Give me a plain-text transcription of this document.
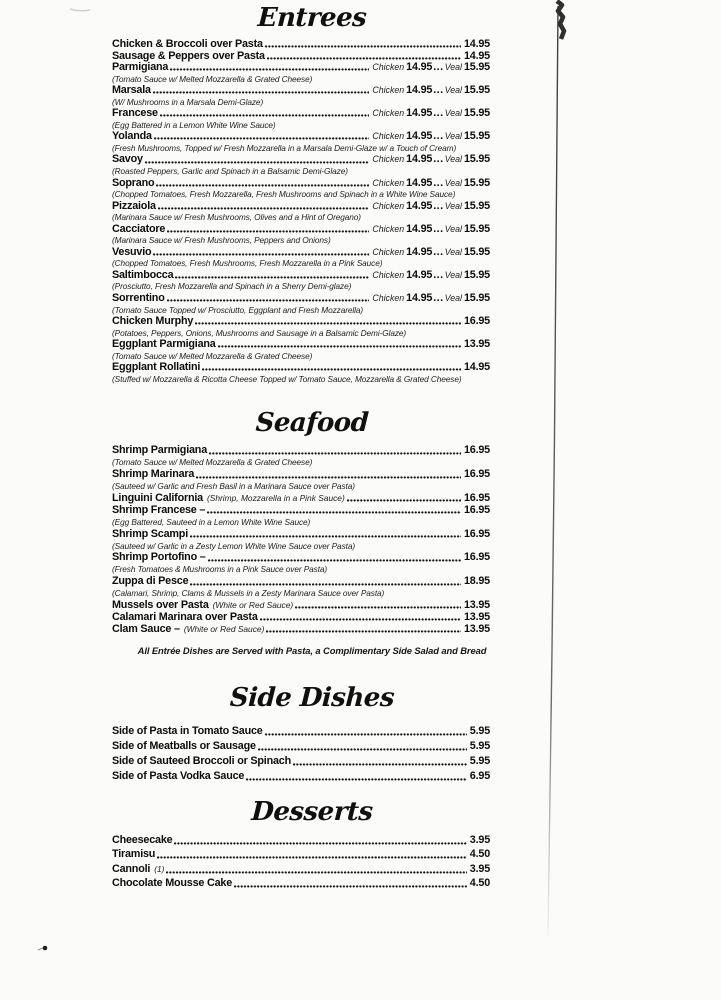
Entrees
Chicken & Broccoli over Pasta	14.95
Sausage & Peppers over Pasta	14.95
Parmigiana	Chicken 14.95 ... Veal 15.95
(Tomato Sauce w/ Melted Mozzarella & Grated Cheese)
Marsala	Chicken 14.95 ... Veal 15.95
(W/ Mushrooms in a Marsala Demi-Glaze)
Francese	Chicken 14.95 ... Veal 15.95
(Egg Battered in a Lemon White Wine Sauce)
Yolanda	Chicken 14.95 ... Veal 15.95
(Fresh Mushrooms, Topped w/ Fresh Mozzarella in a Marsala Demi-Glaze w/ a Touch of Cream)
Savoy	Chicken 14.95 ... Veal 15.95
(Roasted Peppers, Garlic and Spinach in a Balsamic Demi-Glaze)
Soprano	Chicken 14.95 ... Veal 15.95
(Chopped Tomatoes, Fresh Mozzarella, Fresh Mushrooms and Spinach in a White Wine Sauce)
Pizzaiola	Chicken 14.95 ... Veal 15.95
(Marinara Sauce w/ Fresh Mushrooms, Olives and a Hint of Oregano)
Cacciatore	Chicken 14.95 ... Veal 15.95
(Marinara Sauce w/ Fresh Mushrooms, Peppers and Onions)
Vesuvio	Chicken 14.95 ... Veal 15.95
(Chopped Tomatoes, Fresh Mushrooms, Fresh Mozzarella in a Pink Sauce)
Saltimbocca	Chicken 14.95 ... Veal 15.95
(Prosciutto, Fresh Mozzarella and Spinach in a Sherry Demi-glaze)
Sorrentino	Chicken 14.95 ... Veal 15.95
(Tomato Sauce Topped w/ Prosciutto, Eggplant and Fresh Mozzarella)
Chicken Murphy	16.95
(Potatoes, Peppers, Onions, Mushrooms and Sausage in a Balsamic Demi-Glaze)
Eggplant Parmigiana	13.95
(Tomato Sauce w/ Melted Mozzarella & Grated Cheese)
Eggplant Rollatini	14.95
(Stuffed w/ Mozzarella & Ricotta Cheese Topped w/ Tomato Sauce, Mozzarella & Grated Cheese)
Seafood
Shrimp Parmigiana	16.95
(Tomato Sauce w/ Melted Mozzarella & Grated Cheese)
Shrimp Marinara	16.95
(Sauteed w/ Garlic and Fresh Basil in a Marinara Sauce over Pasta)
Linguini California (Shrimp, Mozzarella in a Pink Sauce)	16.95
Shrimp Francese –	16.95
(Egg Battered, Sauteed in a Lemon White Wine Sauce)
Shrimp Scampi	16.95
(Sauteed w/ Garlic in a Zesty Lemon White Wine Sauce over Pasta)
Shrimp Portofino –	16.95
(Fresh Tomatoes & Mushrooms in a Pink Sauce over Pasta)
Zuppa di Pesce	18.95
(Calamari, Shrimp, Clams & Mussels in a Zesty Marinara Sauce over Pasta)
Mussels over Pasta (White or Red Sauce)	13.95
Calamari Marinara over Pasta	13.95
Clam Sauce – (White or Red Sauce)	13.95
All Entrée Dishes are Served with Pasta, a Complimentary Side Salad and Bread
Side Dishes
Side of Pasta in Tomato Sauce	5.95
Side of Meatballs or Sausage	5.95
Side of Sauteed Broccoli or Spinach	5.95
Side of Pasta Vodka Sauce	6.95
Desserts
Cheesecake	3.95
Tiramisu	4.50
Cannoli (1)	3.95
Chocolate Mousse Cake	4.50
